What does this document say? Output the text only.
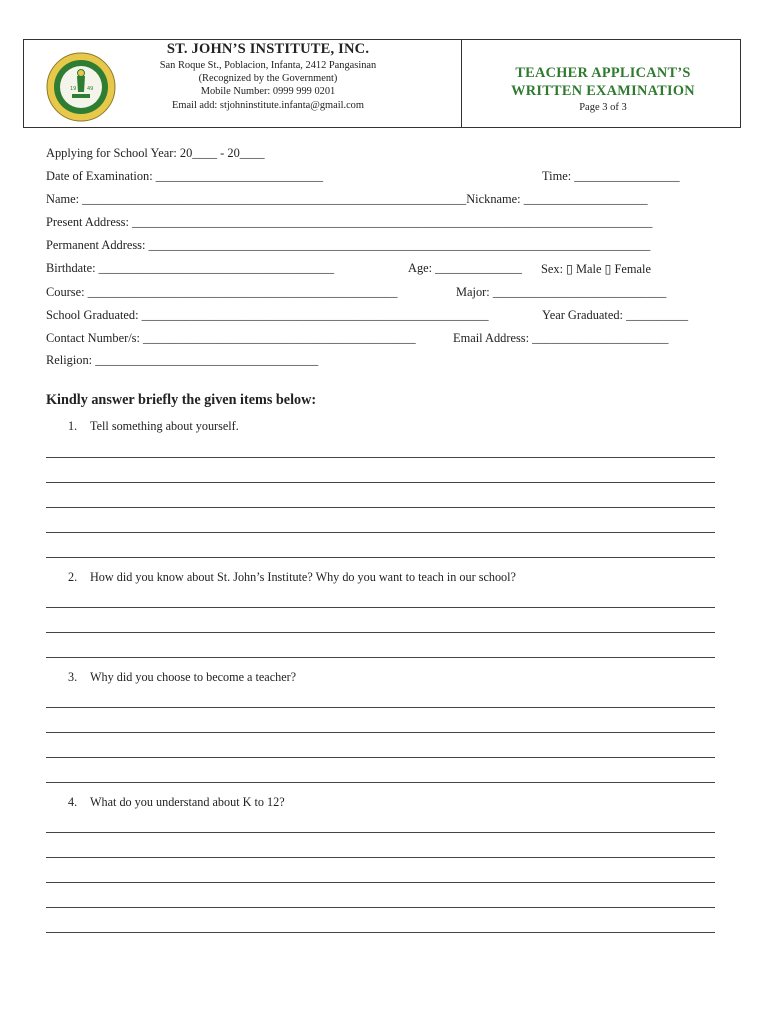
19 49
ST. JOHN’S INSTITUTE, INC.
San Roque St., Poblacion, Infanta, 2412 Pangasinan
(Recognized by the Government)
Mobile Number: 0999 999 0201
Email add: stjohninstitute.infanta@gmail.com
TEACHER APPLICANT’S
WRITTEN EXAMINATION
Page 3 of 3
Applying for School Year: 20____ - 20____
Date of Examination: ___________________________	Time: _________________
Name: ______________________________________________________________Nickname: ____________________
Present Address: ____________________________________________________________________________________
Permanent Address: _________________________________________________________________________________
Birthdate: ______________________________________	Age: ______________ Sex: ▯ Male ▯ Female
Course: __________________________________________________	Major: ____________________________
School Graduated: ________________________________________________________	Year Graduated: __________
Contact Number/s: ____________________________________________	Email Address: ______________________
Religion: ____________________________________
Kindly answer briefly the given items below:
1. Tell something about yourself.
2. How did you know about St. John’s Institute? Why do you want to teach in our school?
3. Why did you choose to become a teacher?
4. What do you understand about K to 12?
